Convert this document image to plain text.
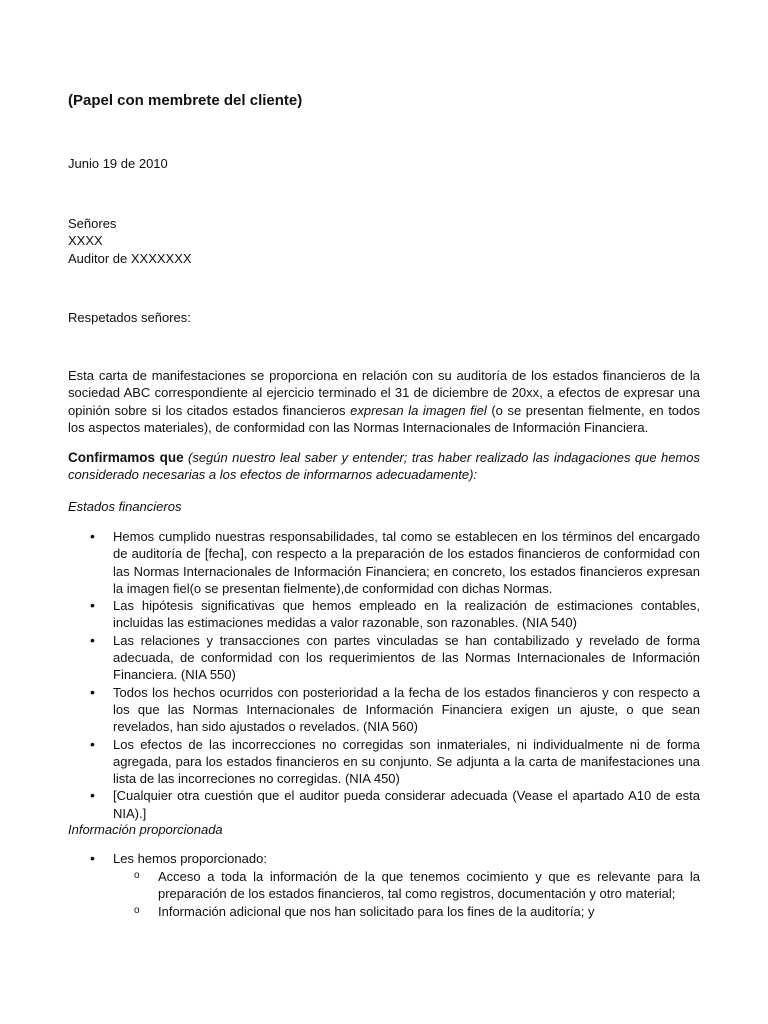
(Papel con membrete del cliente)
Junio 19 de 2010
Señores
XXXX
Auditor de XXXXXXX
Respetados señores:
Esta carta de manifestaciones se proporciona en relación con su auditoría de los estados financieros de la sociedad ABC correspondiente al ejercicio terminado el 31 de diciembre de 20xx, a efectos de expresar una opinión sobre si los citados estados financieros expresan la imagen fiel (o se presentan fielmente, en todos los aspectos materiales), de conformidad con las Normas Internacionales de Información Financiera.
Confirmamos que (según nuestro leal saber y entender; tras haber realizado las indagaciones que hemos considerado necesarias a los efectos de informarnos adecuadamente):
Estados financieros
• Hemos cumplido nuestras responsabilidades, tal como se establecen en los términos del encargado de auditoría de [fecha], con respecto a la preparación de los estados financieros de conformidad con las Normas Internacionales de Información Financiera; en concreto, los estados financieros expresan la imagen fiel(o se presentan fielmente),de conformidad con dichas Normas.
• Las hipótesis significativas que hemos empleado en la realización de estimaciones contables, incluidas las estimaciones medidas a valor razonable, son razonables. (NIA 540)
• Las relaciones y transacciones con partes vinculadas se han contabilizado y revelado de forma adecuada, de conformidad con los requerimientos de las Normas Internacionales de Información Financiera. (NIA 550)
• Todos los hechos ocurridos con posterioridad a la fecha de los estados financieros y con respecto a los que las Normas Internacionales de Información Financiera exigen un ajuste, o que sean revelados, han sido ajustados o revelados. (NIA 560)
• Los efectos de las incorrecciones no corregidas son inmateriales, ni individualmente ni de forma agregada, para los estados financieros en su conjunto. Se adjunta a la carta de manifestaciones una lista de las incorreciones no corregidas. (NIA 450)
• [Cualquier otra cuestión que el auditor pueda considerar adecuada (Vease el apartado A10 de esta NIA).]
Información proporcionada
• Les hemos proporcionado:
o Acceso a toda la información de la que tenemos cocimiento y que es relevante para la preparación de los estados financieros, tal como registros, documentación y otro material;
o Información adicional que nos han solicitado para los fines de la auditoría; y
